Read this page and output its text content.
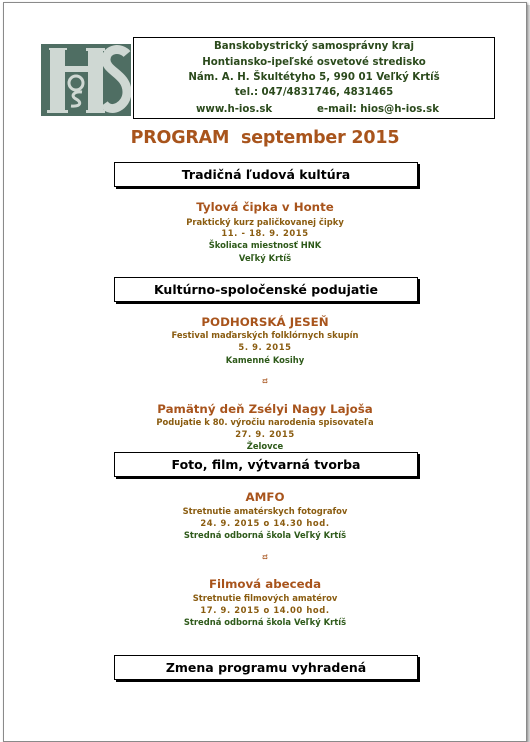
Banskobystrický samosprávny kraj
Hontiansko-ipeľské osvetové stredisko
Nám. A. H. Škultétyho 5, 990 01 Veľký Krtíš
tel.: 047/4831746, 4831465
www.h-ios.sk	e-mail: hios@h-ios.sk
PROGRAM  september 2015
Tradičná ľudová kultúra
Tylová čipka v Honte
Praktický kurz paličkovanej čipky
11. - 18. 9. 2015
Školiaca miestnosť HNK
Veľký Krtíš
Kultúrno-spoločenské podujatie
PODHORSKÁ JESEŇ
Festival maďarských folklórnych skupín
5. 9. 2015
Kamenné Kosihy
ದ
Pamätný deň Zsélyi Nagy Lajoša
Podujatie k 80. výročiu narodenia spisovateľa
27. 9. 2015
Želovce
Foto, film, výtvarná tvorba
AMFO
Stretnutie amatérskych fotografov
24. 9. 2015 o 14.30 hod.
Stredná odborná škola Veľký Krtíš
ದ
Filmová abeceda
Stretnutie filmových amatérov
17. 9. 2015 o 14.00 hod.
Stredná odborná škola Veľký Krtíš
Zmena programu vyhradená
